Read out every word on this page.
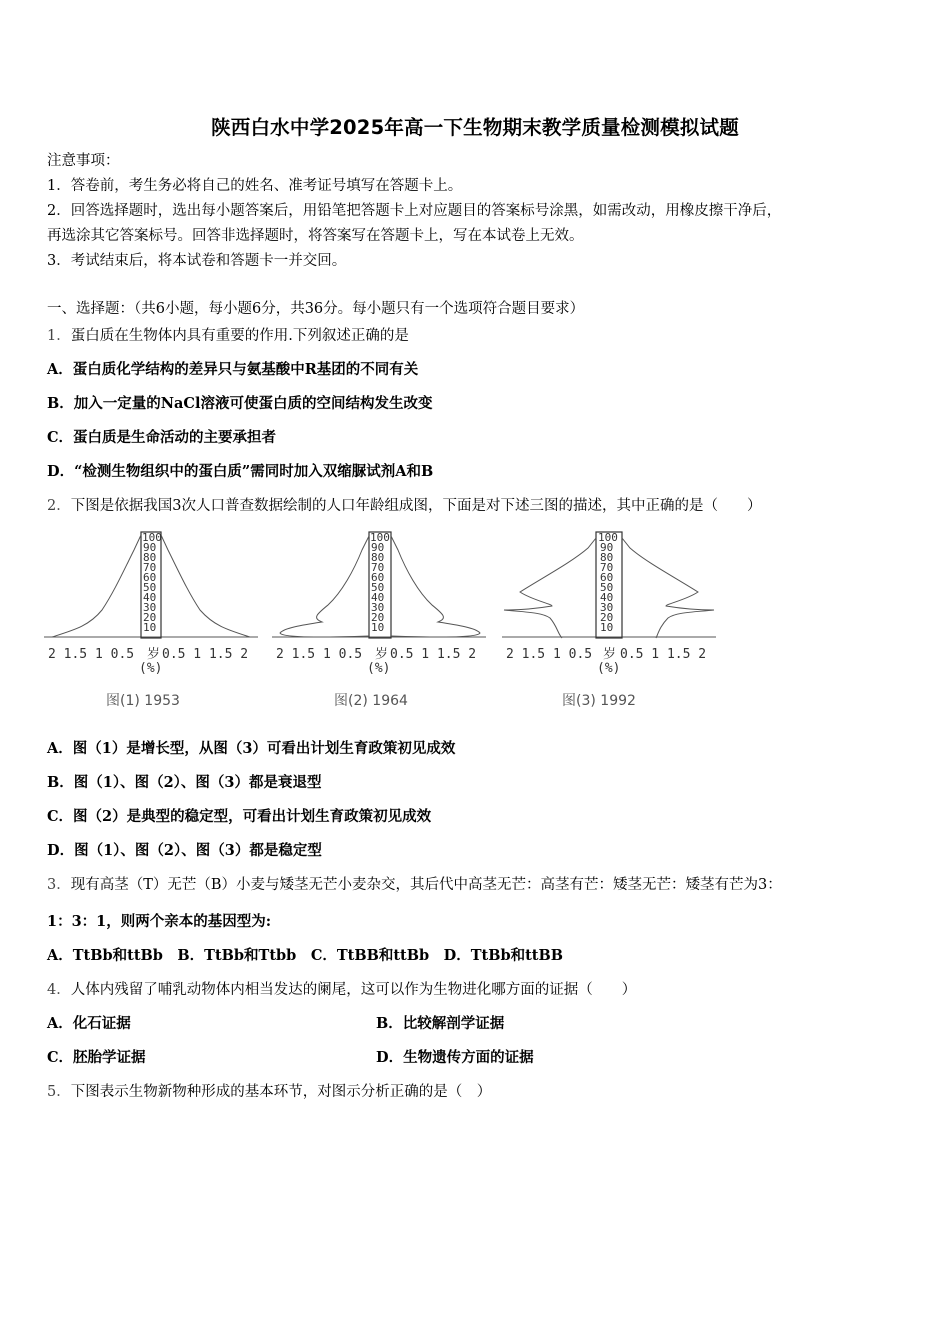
陕西白水中学2025年高一下生物期末教学质量检测模拟试题
注意事项：
1．答卷前，考生务必将自己的姓名、准考证号填写在答题卡上。
2．回答选择题时，选出每小题答案后，用铅笔把答题卡上对应题目的答案标号涂黑，如需改动，用橡皮擦干净后，
再选涂其它答案标号。回答非选择题时，将答案写在答题卡上，写在本试卷上无效。
3．考试结束后，将本试卷和答题卡一并交回。
一、选择题：（共6小题，每小题6分，共36分。每小题只有一个选项符合题目要求）
1．蛋白质在生物体内具有重要的作用.下列叙述正确的是
A．蛋白质化学结构的差异只与氨基酸中R基团的不同有关
B．加入一定量的NaCl溶液可使蛋白质的空间结构发生改变
C．蛋白质是生命活动的主要承担者
D．“检测生物组织中的蛋白质”需同时加入双缩脲试剂A和B
2．下图是依据我国3次人口普查数据绘制的人口年龄组成图，下面是对下述三图的描述，其中正确的是（　　）
100
90
80
70
60
50
40
30
20
10
2 1.5 1 0.5 岁 0.5 1 1.5 2
(%)
图(1) 1953
100
90
80
70
60
50
40
30
20
10
2 1.5 1 0.5 岁 0.5 1 1.5 2
(%)
图(2) 1964
100
90
80
70
60
50
40
30
20
10
2 1.5 1 0.5 岁 0.5 1 1.5 2
(%)
图(3) 1992
A．图（1）是增长型，从图（3）可看出计划生育政策初见成效
B．图（1）、图（2）、图（3）都是衰退型
C．图（2）是典型的稳定型，可看出计划生育政策初见成效
D．图（1）、图（2）、图（3）都是稳定型
3．现有高茎（T）无芒（B）小麦与矮茎无芒小麦杂交，其后代中高茎无芒：高茎有芒：矮茎无芒：矮茎有芒为3：
1：3：1，则两个亲本的基因型为:
A．TtBb和ttBb　B．TtBb和Ttbb　C．TtBB和ttBb　D．TtBb和ttBB
4．人体内残留了哺乳动物体内相当发达的阑尾，这可以作为生物进化哪方面的证据（　　）
A．化石证据	B．比较解剖学证据
C．胚胎学证据	D．生物遗传方面的证据
5．下图表示生物新物种形成的基本环节，对图示分析正确的是（　）
